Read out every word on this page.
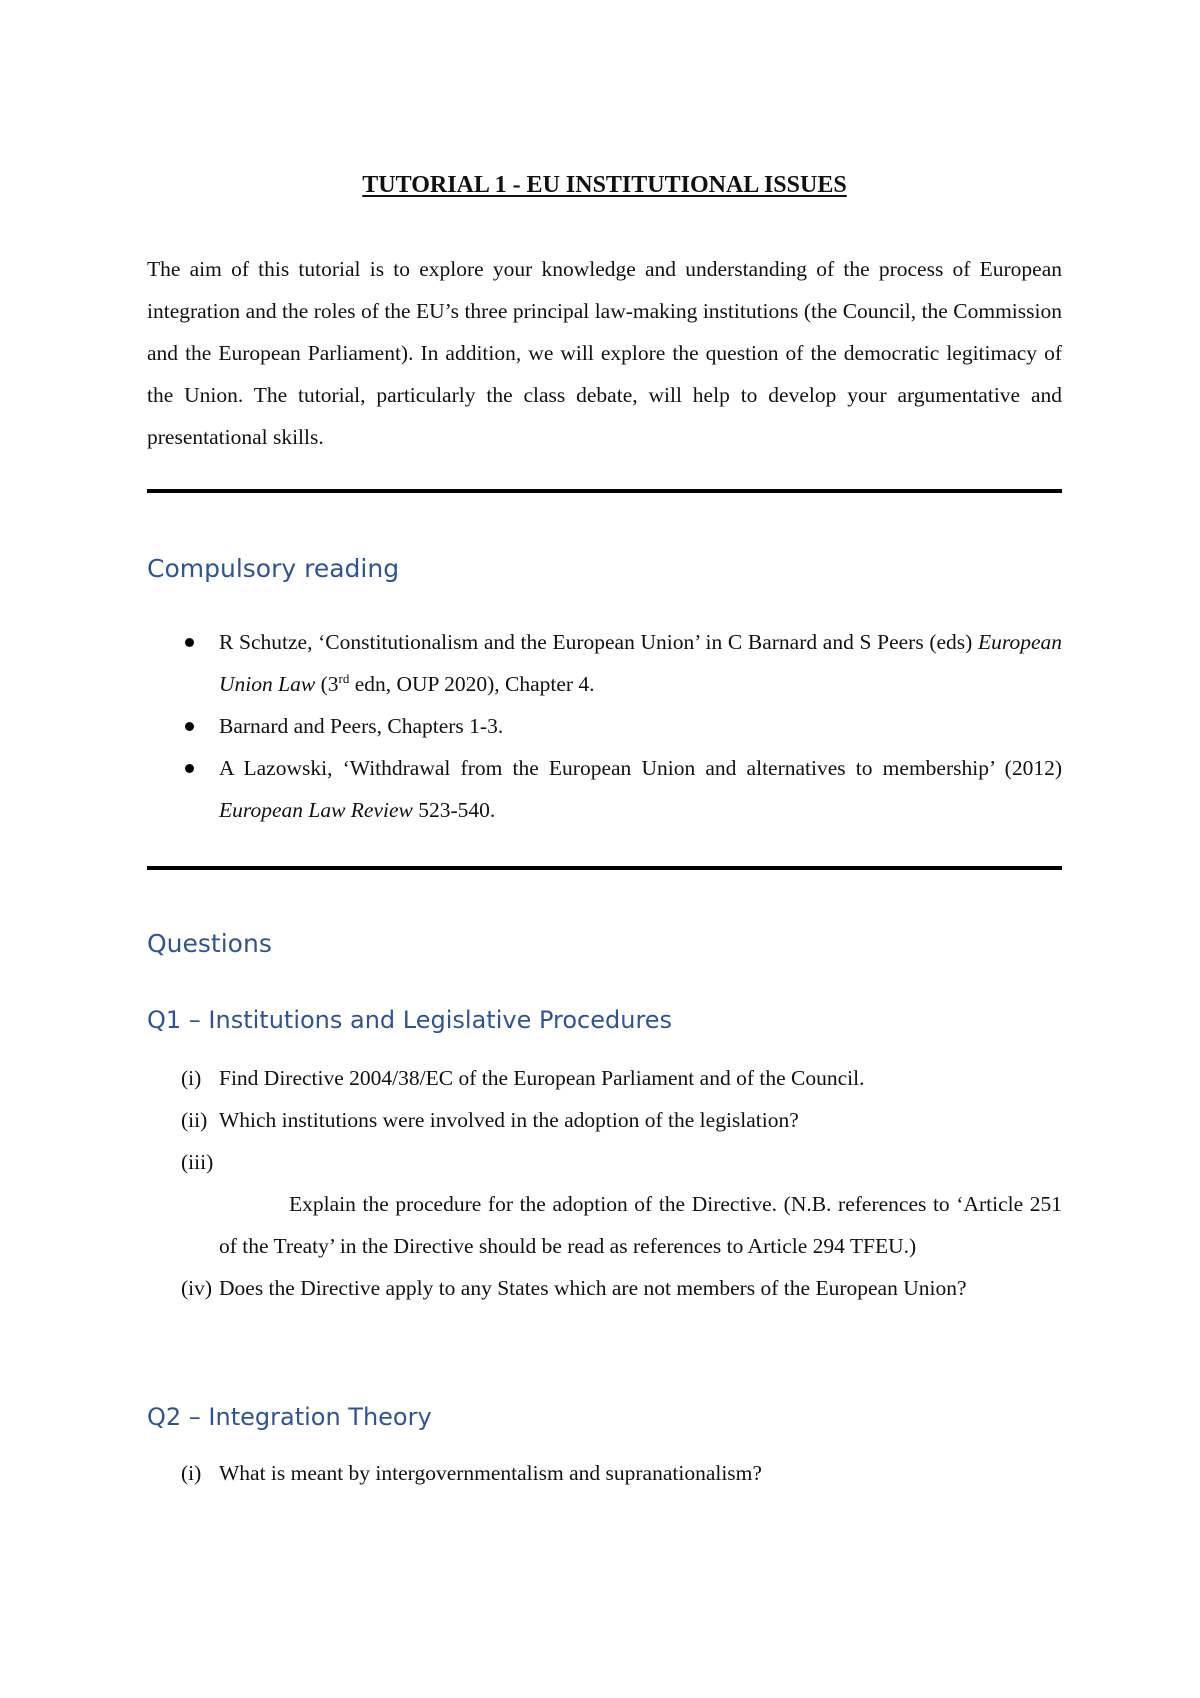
TUTORIAL 1 - EU INSTITUTIONAL ISSUES
The aim of this tutorial is to explore your knowledge and understanding of the process of European integration and the roles of the EU’s three principal law-making institutions (the Council, the Commission and the European Parliament). In addition, we will explore the question of the democratic legitimacy of the Union. The tutorial, particularly the class debate, will help to develop your argumentative and presentational skills.
Compulsory reading
R Schutze, ‘Constitutionalism and the European Union’ in C Barnard and S Peers (eds) European Union Law (3rd edn, OUP 2020), Chapter 4.
Barnard and Peers, Chapters 1-3.
A Lazowski, ‘Withdrawal from the European Union and alternatives to membership’ (2012) European Law Review 523-540.
Questions
Q1 – Institutions and Legislative Procedures
(i) Find Directive 2004/38/EC of the European Parliament and of the Council.
(ii) Which institutions were involved in the adoption of the legislation?
(iii)
Explain the procedure for the adoption of the Directive. (N.B. references to ‘Article 251 of the Treaty’ in the Directive should be read as references to Article 294 TFEU.)
(iv) Does the Directive apply to any States which are not members of the European Union?
Q2 – Integration Theory
(i) What is meant by intergovernmentalism and supranationalism?
